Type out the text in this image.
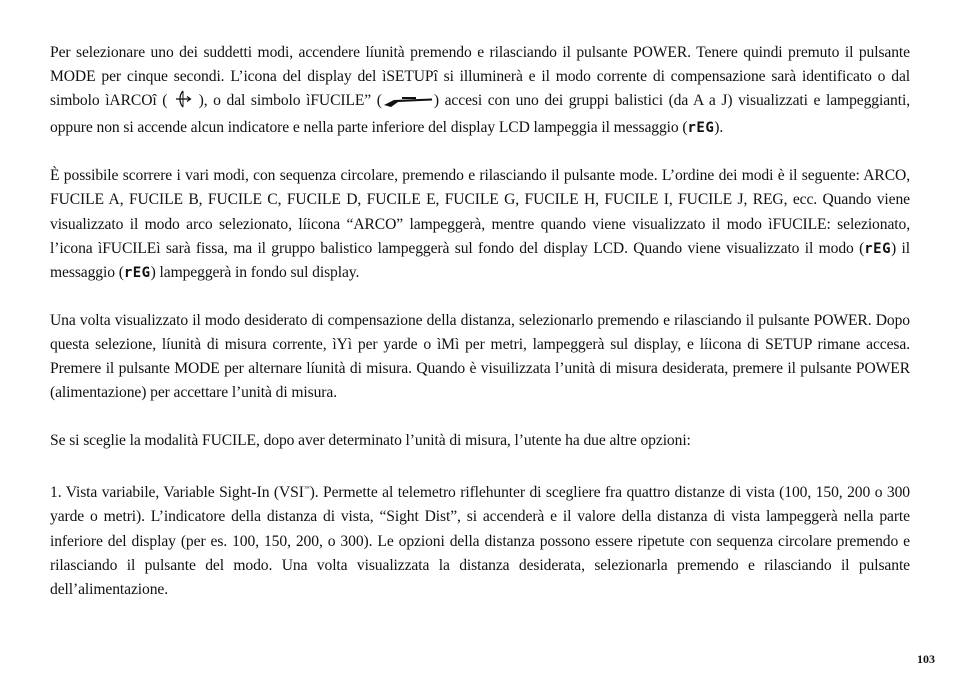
Per selezionare uno dei suddetti modi, accendere líunità premendo e rilasciando il pulsante POWER. Tenere quindi premuto il pulsante MODE per cinque secondi. L’icona del display del ìSETUPî si illuminerà e il modo corrente di compensazione sarà identificato o dal simbolo ìARCOî ( ), o dal simbolo ìFUCILE” (	) accesi con uno dei gruppi balistici (da A a J) visualizzati e lampeggianti, oppure non si accende alcun indicatore e nella parte inferiore del display LCD lampeggia il messaggio (rEG).

È possibile scorrere i vari modi, con sequenza circolare, premendo e rilasciando il pulsante mode. L’ordine dei modi è il seguente: ARCO, FUCILE A, FUCILE B, FUCILE C, FUCILE D, FUCILE E, FUCILE G, FUCILE H, FUCILE I, FUCILE J, REG, ecc. Quando viene visualizzato il modo arco selezionato, líicona “ARCO” lampeggerà, mentre quando viene visualizzato il modo ìFUCILE: selezionato, l’icona ìFUCILEì sarà fissa, ma il gruppo balistico lampeggerà sul fondo del display LCD. Quando viene visualizzato il modo (rEG) il messaggio (rEG) lampeggerà in fondo sul display.

Una volta visualizzato il modo desiderato di compensazione della distanza, selezionarlo premendo e rilasciando il pulsante POWER. Dopo questa selezione, líunità di misura corrente, ìYì per yarde o ìMì per metri, lampeggerà sul display, e líicona di SETUP rimane accesa. Premere il pulsante MODE per alternare líunità di misura. Quando è visuilizzata l’unità di misura desiderata, premere il pulsante POWER (alimentazione) per accettare l’unità di misura.

Se si sceglie la modalità FUCILE, dopo aver determinato l’unità di misura, l’utente ha due altre opzioni:

1. Vista variabile, Variable Sight-In (VSI™). Permette al telemetro riflehunter di scegliere fra quattro distanze di vista (100, 150, 200 o 300 yarde o metri). L’indicatore della distanza di vista, “Sight Dist”, si accenderà e il valore della distanza di vista lampeggerà nella parte inferiore del display (per es. 100, 150, 200, o 300). Le opzioni della distanza possono essere ripetute con sequenza circolare premendo e rilasciando il pulsante del modo. Una volta visualizzata la distanza desiderata, selezionarla premendo e rilasciando il pulsante dell’alimentazione.

103
